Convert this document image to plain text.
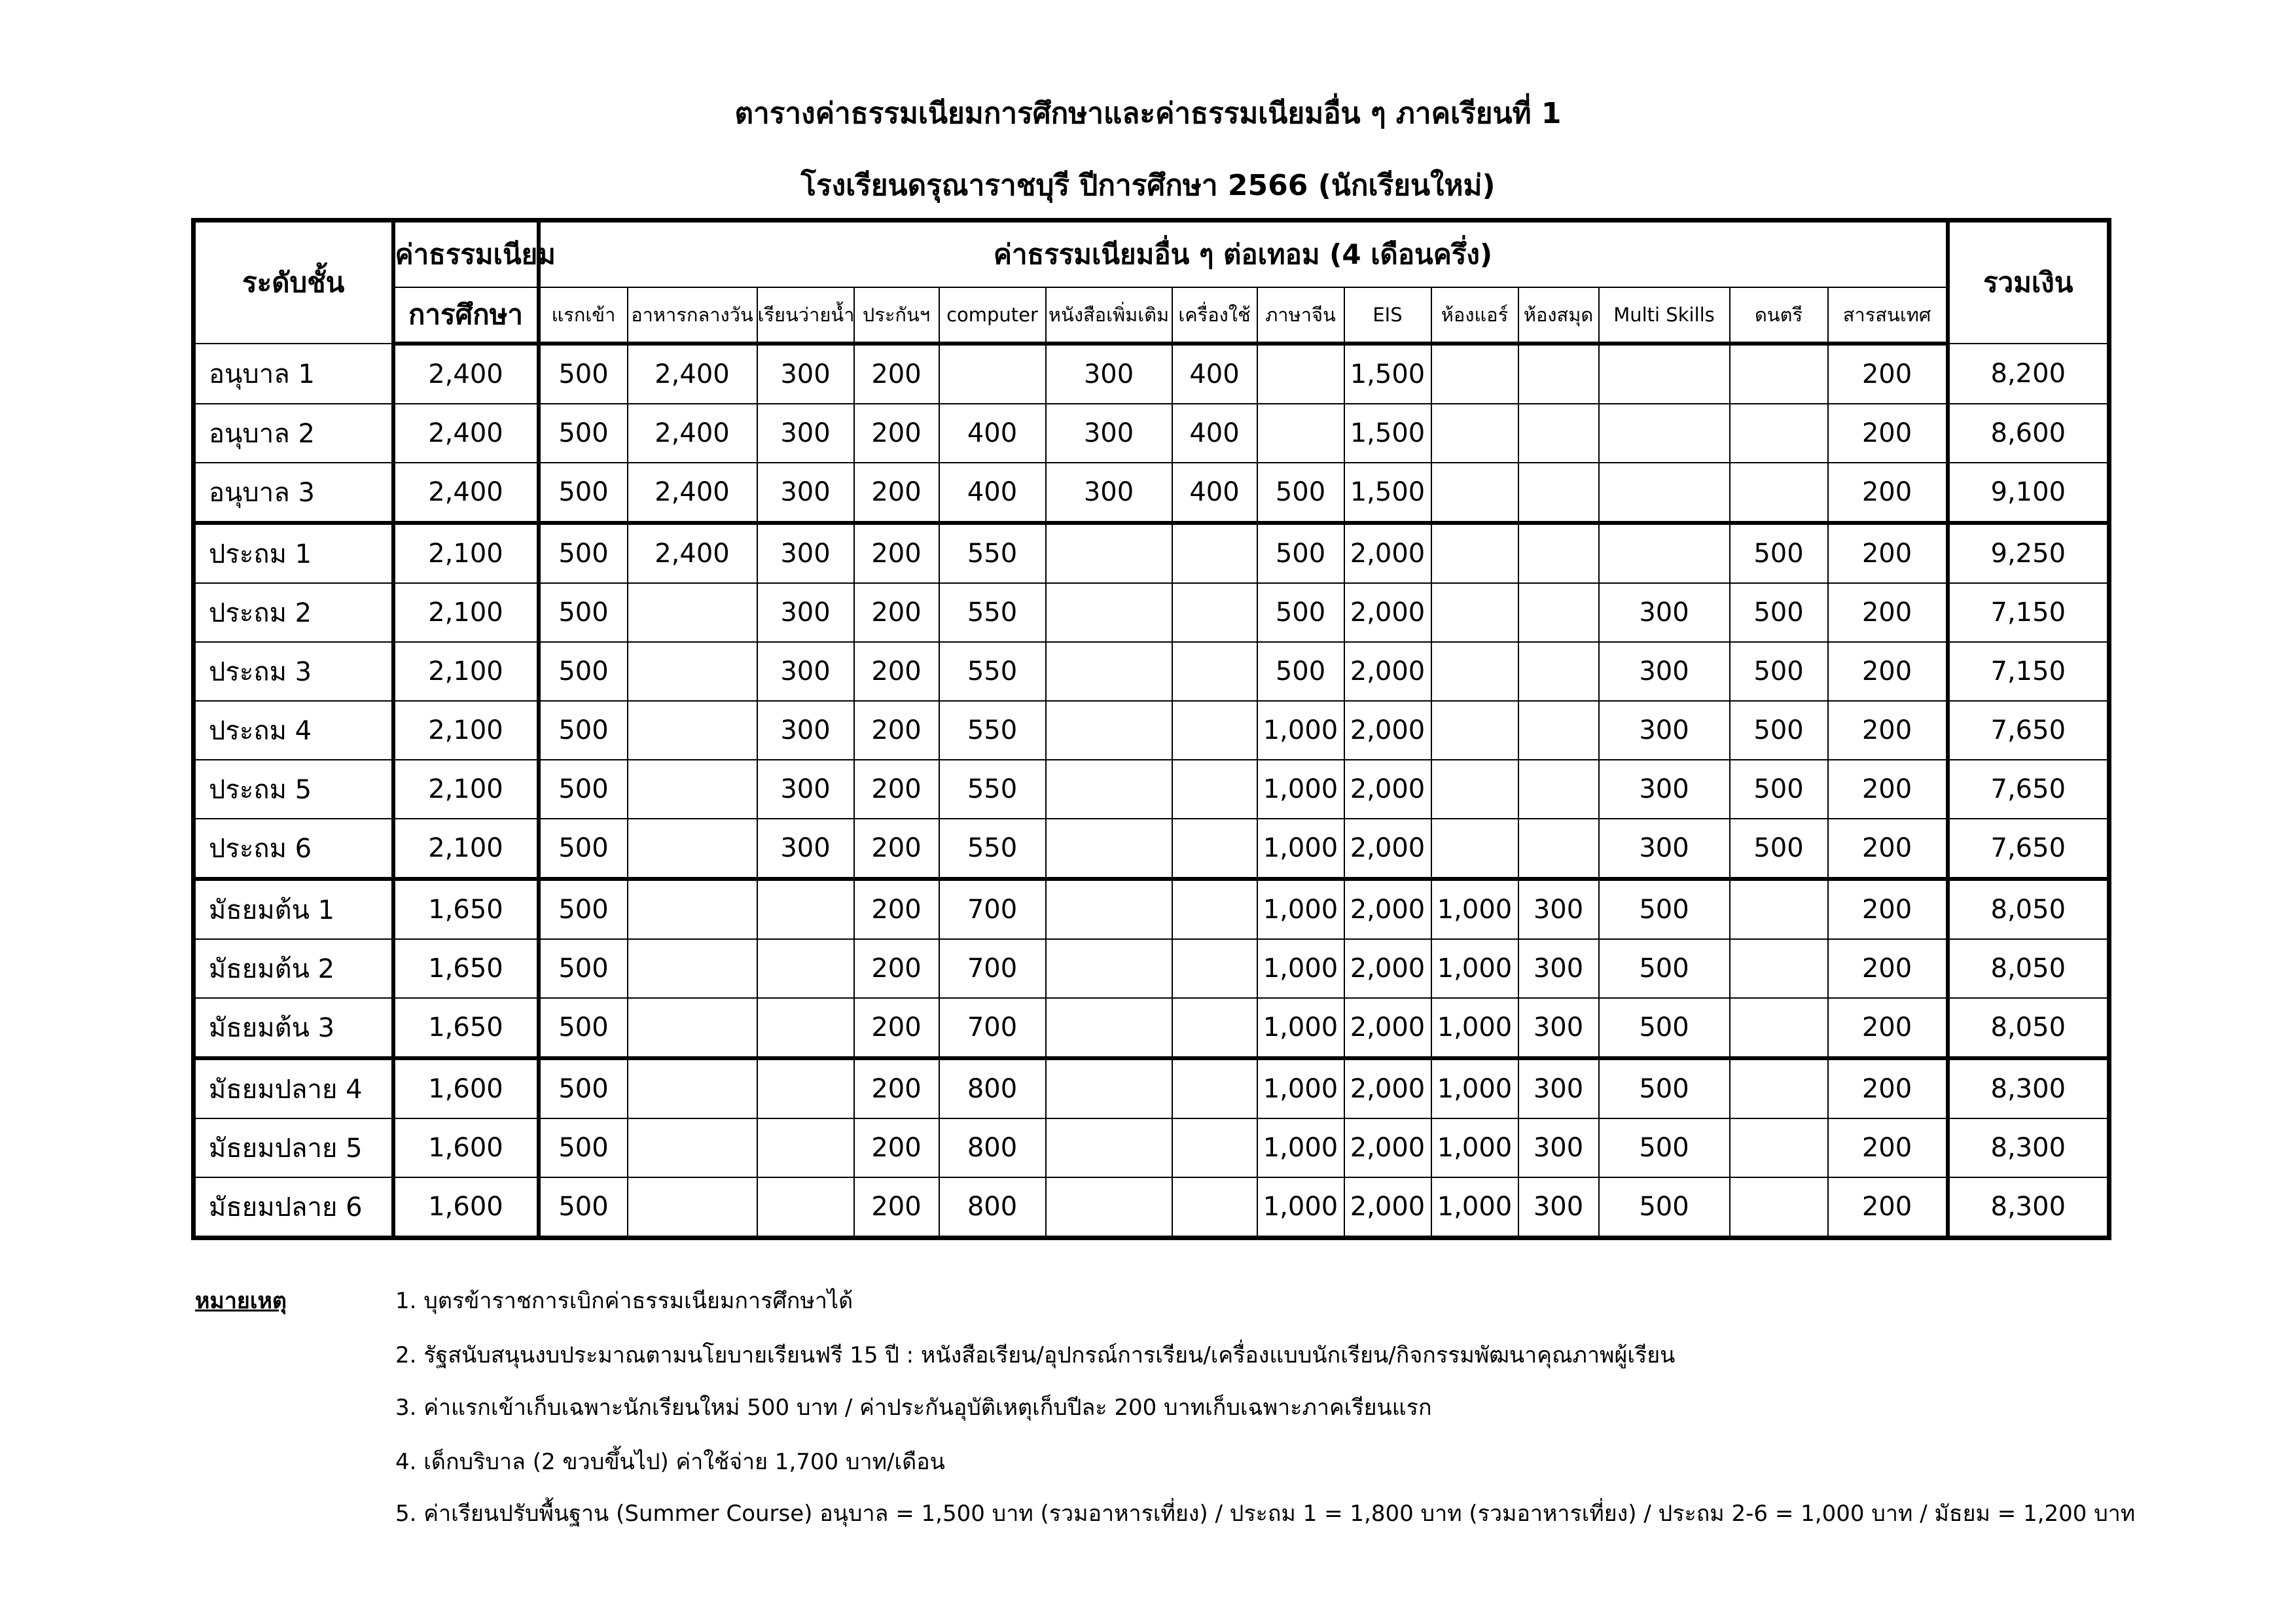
ตารางค่าธรรมเนียมการศึกษาและค่าธรรมเนียมอื่น ๆ ภาคเรียนที่ 1
โรงเรียนดรุณาราชบุรี ปีการศึกษา 2566 (นักเรียนใหม่)
ระดับชั้น	ค่าธรรมเนียม	ค่าธรรมเนียมอื่น ๆ ต่อเทอม (4 เดือนครึ่ง)														รวมเงิน
	การศึกษา	แรกเข้า	อาหารกลางวัน	เรียนว่ายน้ำ	ประกันฯ	computer	หนังสือเพิ่มเติม	เครื่องใช้	ภาษาจีน	EIS	ห้องแอร์	ห้องสมุด	Multi Skills	ดนตรี	สารสนเทศ	
อนุบาล 1	2,400	500	2,400	300	200		300	400		1,500					200	8,200
อนุบาล 2	2,400	500	2,400	300	200	400	300	400		1,500					200	8,600
อนุบาล 3	2,400	500	2,400	300	200	400	300	400	500	1,500					200	9,100
ประถม 1	2,100	500	2,400	300	200	550			500	2,000				500	200	9,250
ประถม 2	2,100	500		300	200	550			500	2,000			300	500	200	7,150
ประถม 3	2,100	500		300	200	550			500	2,000			300	500	200	7,150
ประถม 4	2,100	500		300	200	550			1,000	2,000			300	500	200	7,650
ประถม 5	2,100	500		300	200	550			1,000	2,000			300	500	200	7,650
ประถม 6	2,100	500		300	200	550			1,000	2,000			300	500	200	7,650
มัธยมต้น 1	1,650	500			200	700			1,000	2,000	1,000	300	500		200	8,050
มัธยมต้น 2	1,650	500			200	700			1,000	2,000	1,000	300	500		200	8,050
มัธยมต้น 3	1,650	500			200	700			1,000	2,000	1,000	300	500		200	8,050
มัธยมปลาย 4	1,600	500			200	800			1,000	2,000	1,000	300	500		200	8,300
มัธยมปลาย 5	1,600	500			200	800			1,000	2,000	1,000	300	500		200	8,300
มัธยมปลาย 6	1,600	500			200	800			1,000	2,000	1,000	300	500		200	8,300
หมายเหตุ	1. บุตรข้าราชการเบิกค่าธรรมเนียมการศึกษาได้
2. รัฐสนับสนุนงบประมาณตามนโยบายเรียนฟรี 15 ปี : หนังสือเรียน/อุปกรณ์การเรียน/เครื่องแบบนักเรียน/กิจกรรมพัฒนาคุณภาพผู้เรียน
3. ค่าแรกเข้าเก็บเฉพาะนักเรียนใหม่ 500 บาท / ค่าประกันอุบัติเหตุเก็บปีละ 200 บาทเก็บเฉพาะภาคเรียนแรก
4. เด็กบริบาล (2 ขวบขึ้นไป) ค่าใช้จ่าย 1,700 บาท/เดือน
5. ค่าเรียนปรับพื้นฐาน (Summer Course) อนุบาล = 1,500 บาท (รวมอาหารเที่ยง) / ประถม 1 = 1,800 บาท (รวมอาหารเที่ยง) / ประถม 2-6 = 1,000 บาท / มัธยม = 1,200 บาท
